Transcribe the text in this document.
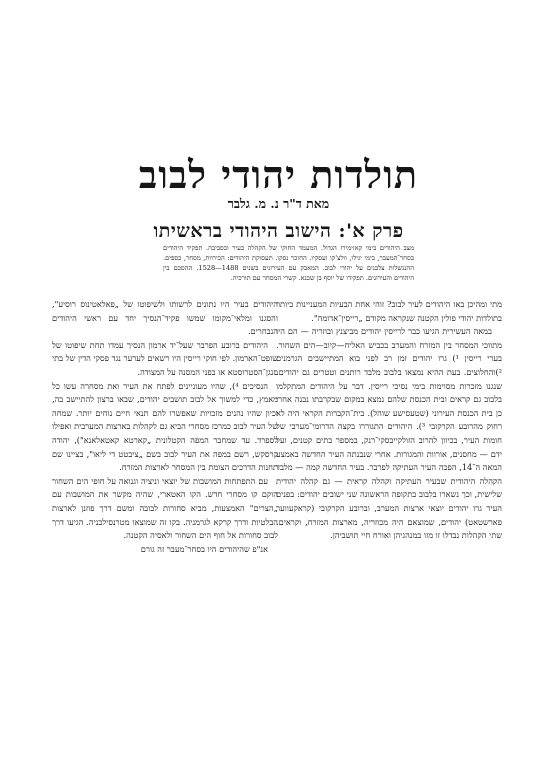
תולדות יהודי לבוב
מאת ד"ר נ. מ. גלבר
פרק א': הישוב היהודי בראשיתו

מצב היהודים בימי קאזימירז הגדול. המעמד החוקי של הקהלה בעיר ובסביבה. תפקיד היהודים בסחר־המעבר, בימי יגילו, וולצ'קו ועסקיו. החוכר נסקו. תעסוקת היהודים: הכירוות, מסחר, כספים. ההנגשלות צלבנים על יהודי לבוב. המאבק עם העירונים בשנים 1488—1528. ההסכם בין היהודים והעירונים. תפקידו של יוסף בן שכנא. קשרי המסחר עם תורכיה.

מתי ומהיכן באו היהודים לעיר לבוב? זוהי אחת הבעיות המעניינות ביותר בתולדות יהודי פולין הקטנה שנקראה מקודם „רייסין־אדומה".

במאה העשירית הגיעו כבר לרייסין יהודים מביצנץ ובוזריה — הם היו מתווכי המסחר בין המזרח והמערב בכביש האליח—קיוב—הים השחור. בערי רייסין ¹) גרו יהודים זמן רב לפני בוא המתיישבים הגרמנים ²)והחלוצים. בעת ההיא נמצאו בלבוב מלבד רותנים וטטרים גם יהודים. שנגנו מזכרות מסוימות בימי נסיכי רייסין. דבר על היהודים המתקלמו בלבוב גם קראים ובית הכנסת שלהם נמצא במקום שבקרבתו נבנה אחרי כן בית הכנסת העירוני (שטעסישע שוהל). בית־הקברות הקראי היה לא רחוק מהרובע הקרקובי ³). היהודים התגוררו בקצה הדרומי־מערבי של חומות העיר, בכיוון להרוב הזולקייבסקי־רנק, במספר בתים קטנים, ועל ידם — מחסנים, אורוות והמגורות. אחרי שנבנתה העיר החדשה באמצע המאה ה־14, הפכה העיר העתיקה לפרבר. בעיר החדשה קמה — מלבד הקהלה היהודית שבעיר העתיקה וקהלה קראית — גם קהלה יהודית שלישית, וכך נשארו בלבוב בתקופה הראשונה שני ישובים יהודים: בפנים העיר גרו יהודים יוצאי ארצות המערב, וברובע הקרקובי (קראקעווער פארשטאט) יהודים, שמוצאם היה מכוזריה, מארצות המזרח, וקראים. שתי הקהלות נבדלו זו מזו במנהגיהן ואורח חיי תושביהן.

היהודים בעיר היו נתונים לרשותו ולשיפוטו של „פאלאטינוס רוסיע", והסגנו ומלאי־מקומו שמשו פקיד־הנסיך יחד עם ראשי היהודים הנבחרים.

היהודים ברובע הפרבר שעל־יד ארמון הנסיך עמדו תחת שיפוטו של שופט־הארמון. לפי חוקי רייסין היו רשאים לערער נגד פסקי הדין של בתי סנגן־הסטרוסטא או בפני המסנה על המצודה.

הנסיכים ⁴), שהיו מעוניינים לפתח את העיר ואת מסחרה עשו כל מאמץ, כדי למשוך אל לבוב תושבים יהודים, שבאו ברצון להתיישב בה, וכיון שהיו נהנים מזכויות שאפשרו להם תנאי חיים נוחים יותר. שמחה של העיר לבוב כמרכז מסחרי הביא גם לקהלות בארצות המערבית ואפילו לספרד. עד שמחבר המפה הקטלונית „קארטא קאטאלאנא"), יהודה קרסקש, רשם במפה את העיר לבוב בשם „ציבטט די ליאו", בציינו שם תחנות הדרכים הצומת בין המסחר לארצות המזרח.

עם התפתחות המושבות של יוצאי וניציה וגנואה על חופי הים השחור הוקם קו מסחרי חדש. הקו האטארי, שהיה מקשר את המושבות עם „הצרים" האמצעות, מביא סחורות לבובה ומשם דרך פוזנן לארצות הבלטיות ודרך קרקא לגרמניה. בקו זה שמוצאו מטרנסילבניה. הגיעו דרך לבוב סחורות אל חוף הים השחור ולאסיה הקטנה.

אנ"פ שהיהודים היו בסחר־מעבר זה גורם
